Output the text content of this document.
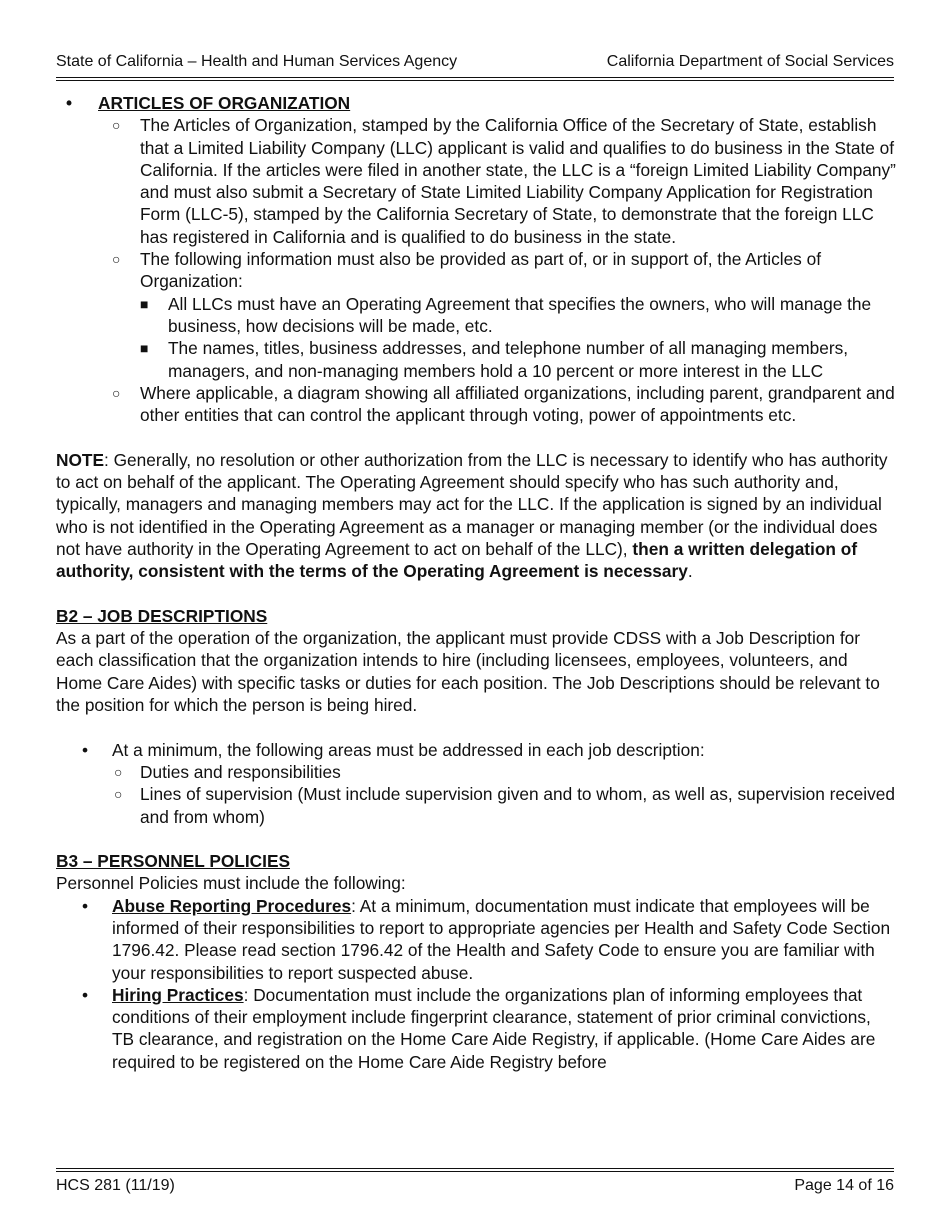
State of California – Health and Human Services Agency	California Department of Social Services
• ARTICLES OF ORGANIZATION
○ The Articles of Organization, stamped by the California Office of the Secretary of State, establish that a Limited Liability Company (LLC) applicant is valid and qualifies to do business in the State of California. If the articles were filed in another state, the LLC is a “foreign Limited Liability Company” and must also submit a Secretary of State Limited Liability Company Application for Registration Form (LLC-5), stamped by the California Secretary of State, to demonstrate that the foreign LLC has registered in California and is qualified to do business in the state.
○ The following information must also be provided as part of, or in support of, the Articles of Organization:
■ All LLCs must have an Operating Agreement that specifies the owners, who will manage the business, how decisions will be made, etc.
■ The names, titles, business addresses, and telephone number of all managing members, managers, and non-managing members hold a 10 percent or more interest in the LLC
○ Where applicable, a diagram showing all affiliated organizations, including parent, grandparent and other entities that can control the applicant through voting, power of appointments etc.

NOTE: Generally, no resolution or other authorization from the LLC is necessary to identify who has authority to act on behalf of the applicant. The Operating Agreement should specify who has such authority and, typically, managers and managing members may act for the LLC. If the application is signed by an individual who is not identified in the Operating Agreement as a manager or managing member (or the individual does not have authority in the Operating Agreement to act on behalf of the LLC), then a written delegation of authority, consistent with the terms of the Operating Agreement is necessary.

B2 – JOB DESCRIPTIONS

As a part of the operation of the organization, the applicant must provide CDSS with a Job Description for each classification that the organization intends to hire (including licensees, employees, volunteers, and Home Care Aides) with specific tasks or duties for each position. The Job Descriptions should be relevant to the position for which the person is being hired.

• At a minimum, the following areas must be addressed in each job description:
○ Duties and responsibilities
○ Lines of supervision (Must include supervision given and to whom, as well as, supervision received and from whom)

B3 – PERSONNEL POLICIES

Personnel Policies must include the following:

• Abuse Reporting Procedures: At a minimum, documentation must indicate that employees will be informed of their responsibilities to report to appropriate agencies per Health and Safety Code Section 1796.42. Please read section 1796.42 of the Health and Safety Code to ensure you are familiar with your responsibilities to report suspected abuse.
• Hiring Practices: Documentation must include the organizations plan of informing employees that conditions of their employment include fingerprint clearance, statement of prior criminal convictions, TB clearance, and registration on the Home Care Aide Registry, if applicable. (Home Care Aides are required to be registered on the Home Care Aide Registry before
HCS 281 (11/19)	Page 14 of 16
